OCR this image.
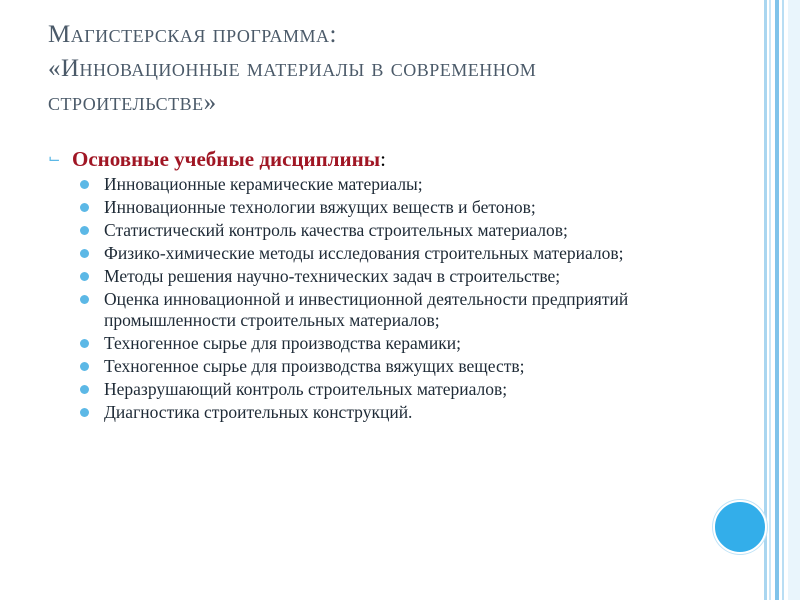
Магистерская программа:
«Инновационные материалы в современном
строительстве»
⌙ Основные учебные дисциплины:
Инновационные керамические материалы;
Инновационные технологии вяжущих веществ и бетонов;
Статистический контроль качества строительных материалов;
Физико-химические методы исследования строительных материалов;
Методы решения научно-технических задач в строительстве;
Оценка инновационной и инвестиционной деятельности предприятий промышленности строительных материалов;
Техногенное сырье для производства керамики;
Техногенное сырье для производства вяжущих веществ;
Неразрушающий контроль строительных материалов;
Диагностика строительных конструкций.
